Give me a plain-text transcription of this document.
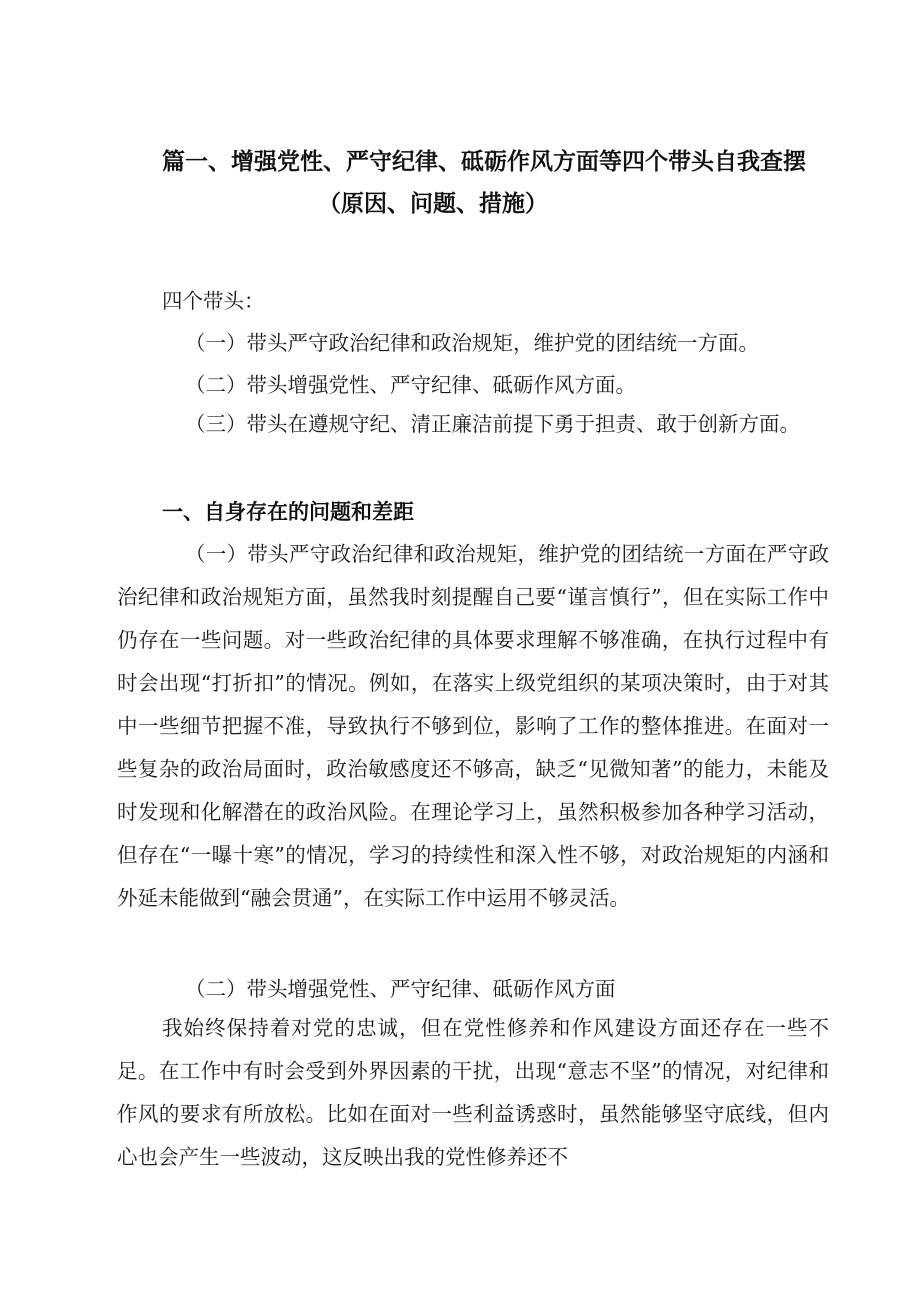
篇一、增强党性、严守纪律、砥砺作风方面等四个带头自我查摆
（原因、问题、措施）
四个带头：
（一）带头严守政治纪律和政治规矩，维护党的团结统一方面。
（二）带头增强党性、严守纪律、砥砺作风方面。
（三）带头在遵规守纪、清正廉洁前提下勇于担责、敢于创新方面。
一、自身存在的问题和差距
（一）带头严守政治纪律和政治规矩，维护党的团结统一方面在严守政治纪律和政治规矩方面，虽然我时刻提醒自己要“谨言慎行”，但在实际工作中仍存在一些问题。对一些政治纪律的具体要求理解不够准确，在执行过程中有时会出现“打折扣”的情况。例如，在落实上级党组织的某项决策时，由于对其中一些细节把握不准，导致执行不够到位，影响了工作的整体推进。在面对一些复杂的政治局面时，政治敏感度还不够高，缺乏“见微知著”的能力，未能及时发现和化解潜在的政治风险。在理论学习上，虽然积极参加各种学习活动，但存在“一曝十寒”的情况，学习的持续性和深入性不够，对政治规矩的内涵和外延未能做到“融会贯通”，在实际工作中运用不够灵活。
（二）带头增强党性、严守纪律、砥砺作风方面
我始终保持着对党的忠诚，但在党性修养和作风建设方面还存在一些不足。在工作中有时会受到外界因素的干扰，出现“意志不坚”的情况，对纪律和作风的要求有所放松。比如在面对一些利益诱惑时，虽然能够坚守底线，但内心也会产生一些波动，这反映出我的党性修养还不
